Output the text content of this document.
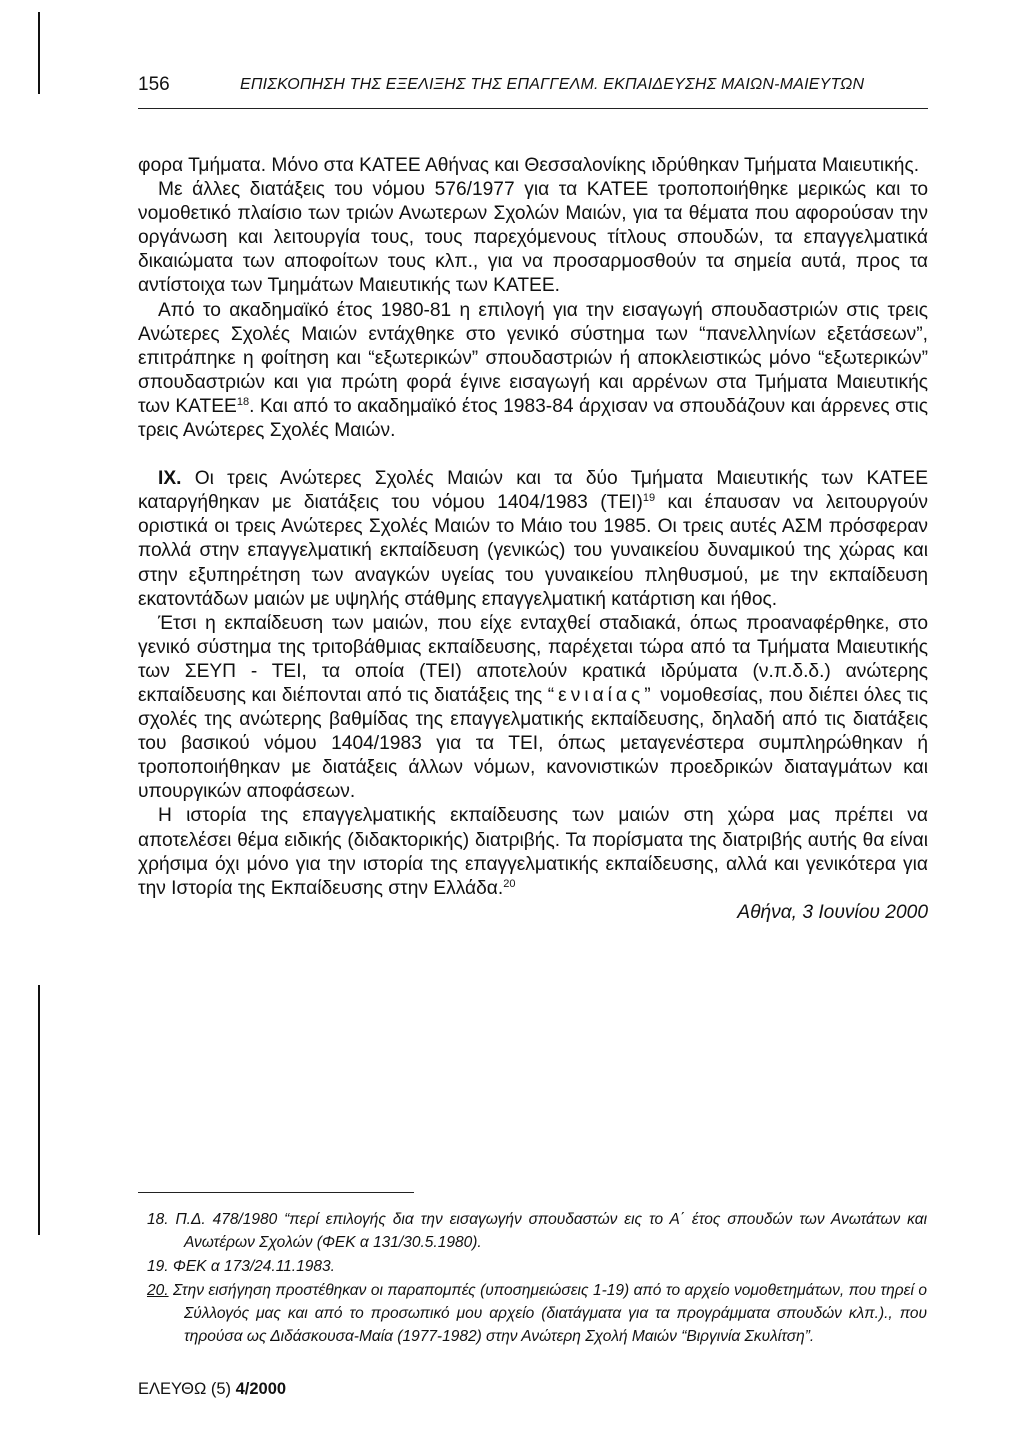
156	ΕΠΙΣΚΟΠΗΣΗ ΤΗΣ ΕΞΕΛΙΞΗΣ ΤΗΣ ΕΠΑΓΓΕΛΜ. ΕΚΠΑΙΔΕΥΣΗΣ ΜΑΙΩΝ-ΜΑΙΕΥΤΩΝ

φορα Τμήματα. Μόνο στα ΚΑΤΕΕ Αθήνας και Θεσσαλονίκης ιδρύθηκαν Τμήματα Μαιευτικής.

Με άλλες διατάξεις του νόμου 576/1977 για τα ΚΑΤΕΕ τροποποιήθηκε μερικώς και το νομοθετικό πλαίσιο των τριών Ανωτερων Σχολών Μαιών, για τα θέματα που αφορούσαν την οργάνωση και λειτουργία τους, τους παρεχόμενους τίτλους σπουδών, τα επαγγελματικά δικαιώματα των αποφοίτων τους κλπ., για να προσαρμοσθούν τα σημεία αυτά, προς τα αντίστοιχα των Τμημάτων Μαιευτικής των ΚΑΤΕΕ.

Από το ακαδημαϊκό έτος 1980-81 η επιλογή για την εισαγωγή σπουδαστριών στις τρεις Ανώτερες Σχολές Μαιών εντάχθηκε στο γενικό σύστημα των “πανελληνίων εξετάσεων”, επιτράπηκε η φοίτηση και “εξωτερικών” σπουδαστριών ή αποκλειστικώς μόνο “εξωτερικών” σπουδαστριών και για πρώτη φορά έγινε εισαγωγή και αρρένων στα Τμήματα Μαιευτικής των ΚΑΤΕΕ$^{18}$. Και από το ακαδημαϊκό έτος 1983-84 άρχισαν να σπουδάζουν και άρρενες στις τρεις Ανώτερες Σχολές Μαιών.

IX. Οι τρεις Ανώτερες Σχολές Μαιών και τα δύο Τμήματα Μαιευτικής των ΚΑΤΕΕ καταργήθηκαν με διατάξεις του νόμου 1404/1983 $(TEI)^{19}$ και έπαυσαν να λειτουργούν οριστικά οι τρεις Ανώτερες Σχολές Μαιών το Μάιο του 1985. Οι τρεις αυτές ΑΣΜ πρόσφεραν πολλά στην επαγγελματική εκπαίδευση (γενικώς) του γυναικείου δυναμικού της χώρας και στην εξυπηρέτηση των αναγκών υγείας του γυναικείου πληθυσμού, με την εκπαίδευση εκατοντάδων μαιών με υψηλής στάθμης επαγγελματική κατάρτιση και ήθος.

Έτσι η εκπαίδευση των μαιών, που είχε ενταχθεί σταδιακά, όπως προαναφέρθηκε, στο γενικό σύστημα της τριτοβάθμιας εκπαίδευσης, παρέχεται τώρα από τα Τμήματα Μαιευτικής των ΣΕΥΠ - ΤΕΙ, τα οποία (ΤΕΙ) αποτελούν κρατικά ιδρύματα (ν.π.δ.δ.) ανώτερης εκπαίδευσης και διέπονται από τις διατάξεις της “ενιαίας” νομοθεσίας, που διέπει όλες τις σχολές της ανώτερης βαθμίδας της επαγγελματικής εκπαίδευσης, δηλαδή από τις διατάξεις του βασικού νόμου 1404/1983 για τα ΤΕΙ, όπως μεταγενέστερα συμπληρώθηκαν ή τροποποιήθηκαν με διατάξεις άλλων νόμων, κανονιστικών προεδρικών διαταγμάτων και υπουργικών αποφάσεων.

Η ιστορία της επαγγελματικής εκπαίδευσης των μαιών στη χώρα μας πρέπει να αποτελέσει θέμα ειδικής (διδακτορικής) διατριβής. Τα πορίσματα της διατριβής αυτής θα είναι χρήσιμα όχι μόνο για την ιστορία της επαγγελματικής εκπαίδευσης, αλλά και γενικότερα για την Ιστορία της Εκπαίδευσης στην Ελλάδα.$^{20}$

Αθήνα, 3 Ιουνίου 2000

18. Π.Δ. 478/1980 “περί επιλογής δια την εισαγωγήν σπουδαστών εις το Α΄ έτος σπουδών των Ανωτάτων και Ανωτέρων Σχολών (ΦΕΚ α 131/30.5.1980).

19. ΦΕΚ α 173/24.11.1983.

20. Στην εισήγηση προστέθηκαν οι παραπομπές (υποσημειώσεις 1-19) από το αρχείο νομοθετημάτων, που τηρεί ο Σύλλογός μας και από το προσωπικό μου αρχείο (διατάγματα για τα προγράμματα σπουδών κλπ.)., που τηρούσα ως Διδάσκουσα-Μαία (1977-1982) στην Ανώτερη Σχολή Μαιών “Βιργινία Σκυλίτση”.

ΕΛΕΥΘΩ (5) 4/2000
